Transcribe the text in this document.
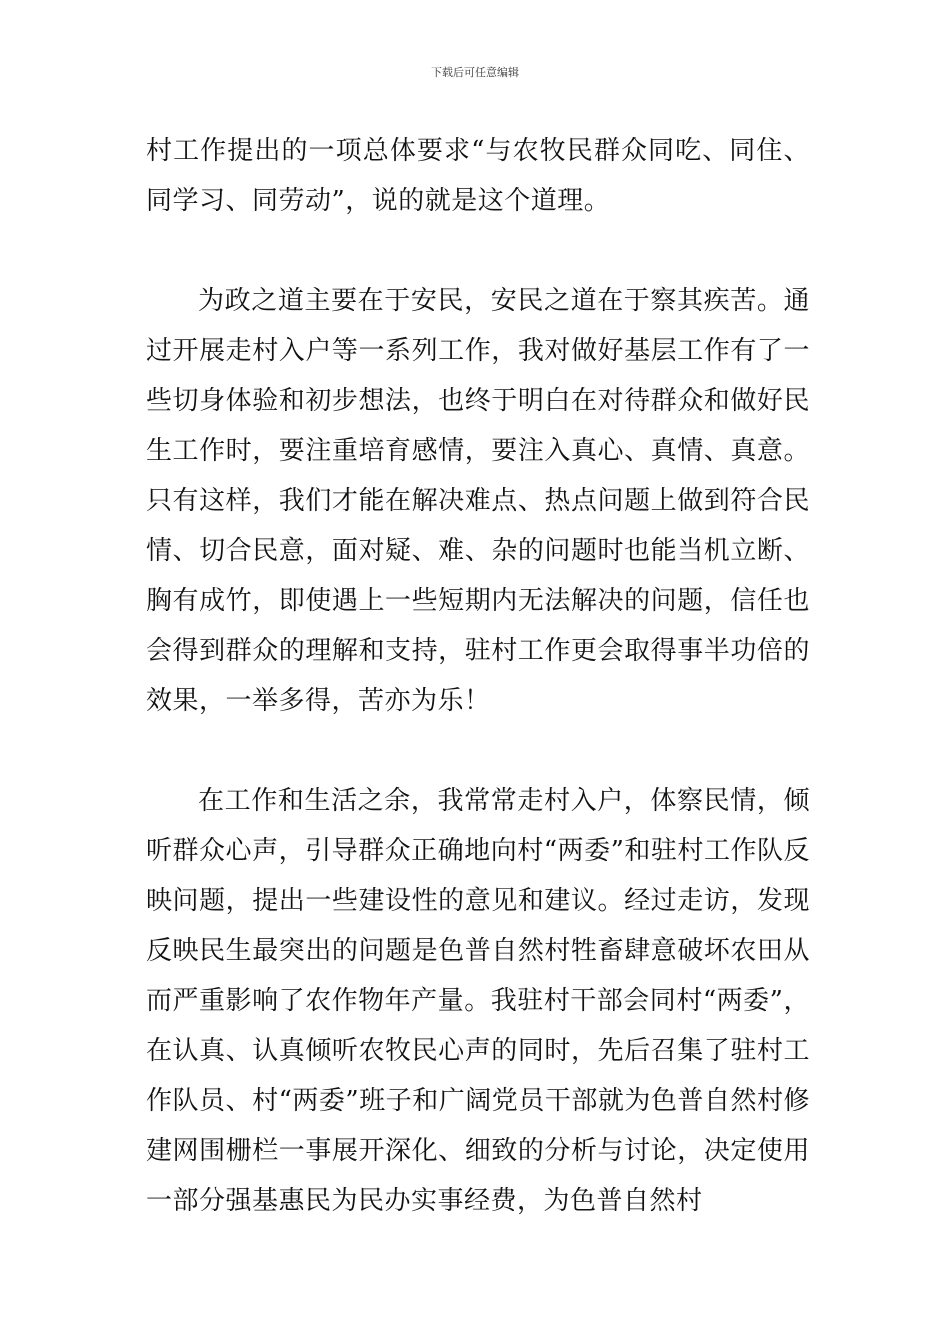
下载后可任意编辑

村工作提出的一项总体要求“与农牧民群众同吃、同住、同学习、同劳动”，说的就是这个道理。

为政之道主要在于安民，安民之道在于察其疾苦。通过开展走村入户等一系列工作，我对做好基层工作有了一些切身体验和初步想法，也终于明白在对待群众和做好民生工作时，要注重培育感情，要注入真心、真情、真意。只有这样，我们才能在解决难点、热点问题上做到符合民情、切合民意，面对疑、难、杂的问题时也能当机立断、胸有成竹，即使遇上一些短期内无法解决的问题，信任也会得到群众的理解和支持，驻村工作更会取得事半功倍的效果，一举多得，苦亦为乐！

在工作和生活之余，我常常走村入户，体察民情，倾听群众心声，引导群众正确地向村“两委”和驻村工作队反映问题，提出一些建设性的意见和建议。经过走访，发现反映民生最突出的问题是色普自然村牲畜肆意破坏农田从而严重影响了农作物年产量。我驻村干部会同村“两委”，在认真、认真倾听农牧民心声的同时，先后召集了驻村工作队员、村“两委”班子和广阔党员干部就为色普自然村修建网围栅栏一事展开深化、细致的分析与讨论，决定使用一部分强基惠民为民办实事经费，为色普自然村
